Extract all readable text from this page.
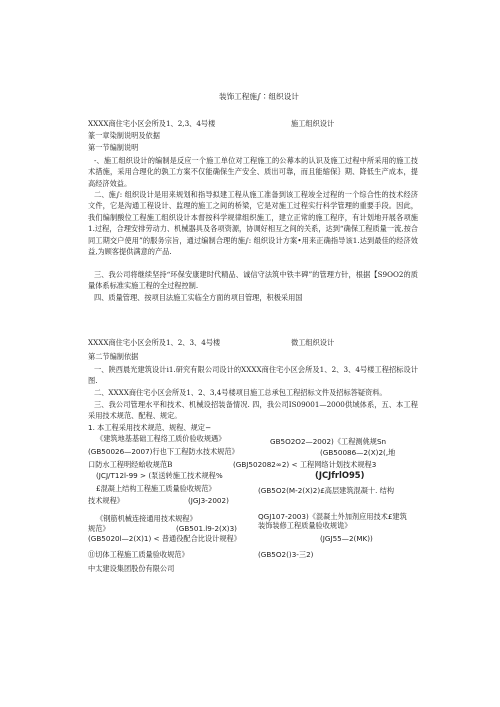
装饰工程施∫∶组织设计
XXXX商住宅小区会所及1、2,3、4号楼	施工组织设计
篆一章染制说明及依据
第一节编制说明
-、施工组织设计的编制是反应一个施工单位对工程施工的公幕本的认识及施工过程中所采用的施工技术措施，采用合理化的孰工方案不仅能确保生产安全、质出可靠，而且能缩保｝期、降低生产成本，提高经济效益。
二、施∫: 组织设计是用来规划和指导拟建工程从施工准备到该工程竣全过程的一个综合性的技术经济文件，它是沟通工程设计、监理的施工之间的桥梁，它是对施工过程实行科学管理的重要手段。因此，我们编制酸位工程施工组织设计本督按科学规律组织施工，建立正常的施工程序，有计划地开展各项施1.过程，合理安排劳动力、机械器具及各项资源，协调好相互之间的关系，达到“确保工程质量一流,按合同工期交户使用”的服务宗旨，通过编制合理的施∫: 组织设计方案•用来正确指导该1.达到最佳的经济效益,为顾客提供满意的产品.
三、我公司将继续坚持“环保安康建时代精品、诚信守法筑中铁丰碑”的管理方针，根据【S9OO2的质量体系标准实施工程的全过程控制.
四、质量管理、按项目法施工实临全方面的项目管理，积极采用国
XXXX商住宅小区会所及1、2、3、4号楼	微工组织设计
第二节编制依据
一、陕西晨光建筑设计i1.研究有限公司设计的XXXX商住宅小区会所及1、2、3、4号楼工程招标设计图.
二、XXXX商住宅小区会所及1、2、3,4号楼项目施工总承包工程招标文件及招标答疑资料。
三、我公司管理水平和技术、机械设招装备情况. 四，我公司IS09001—2000供域体系，五、本工程采用技术规范、配程、规定。
1. 本工程采用技术规范、规程、规定−
《建筑地基基础工程络工质价验收规遇》	GB5O2O2—2002)《工程测佻规Sn
(GB50026—2007)行也下工程防水技术规范》	(GB50086—2(X)2(,地
口防水工程明经蛤收规范B	(GBJ502082∞2) < 工程网络计划技术规程3
(JCJ/T12l-99 > (泵送转施工技术规程%	(JCJfrlO95)
£混凝上结构工程施工质量验收规范》	(GB5O2(M-2(X)2)£高层建筑混凝十. 结构
技术规程》	(JGJ3-2002)
《钢筋机械连接通用技术规程》	QGJ107-2003)《混凝土外加剂应用技术£建筑
规范》	(GB501.l9-2(X)3)	装饰装修工程质量验收规诡》
(GB5020l—2(X)1) < 普通役配合比设计规程》	(JGJ55—2(MK))
⑪切体工程施工质量验收规范》	(GB5O2()3-三2)
中太建设集团股份有限公司
